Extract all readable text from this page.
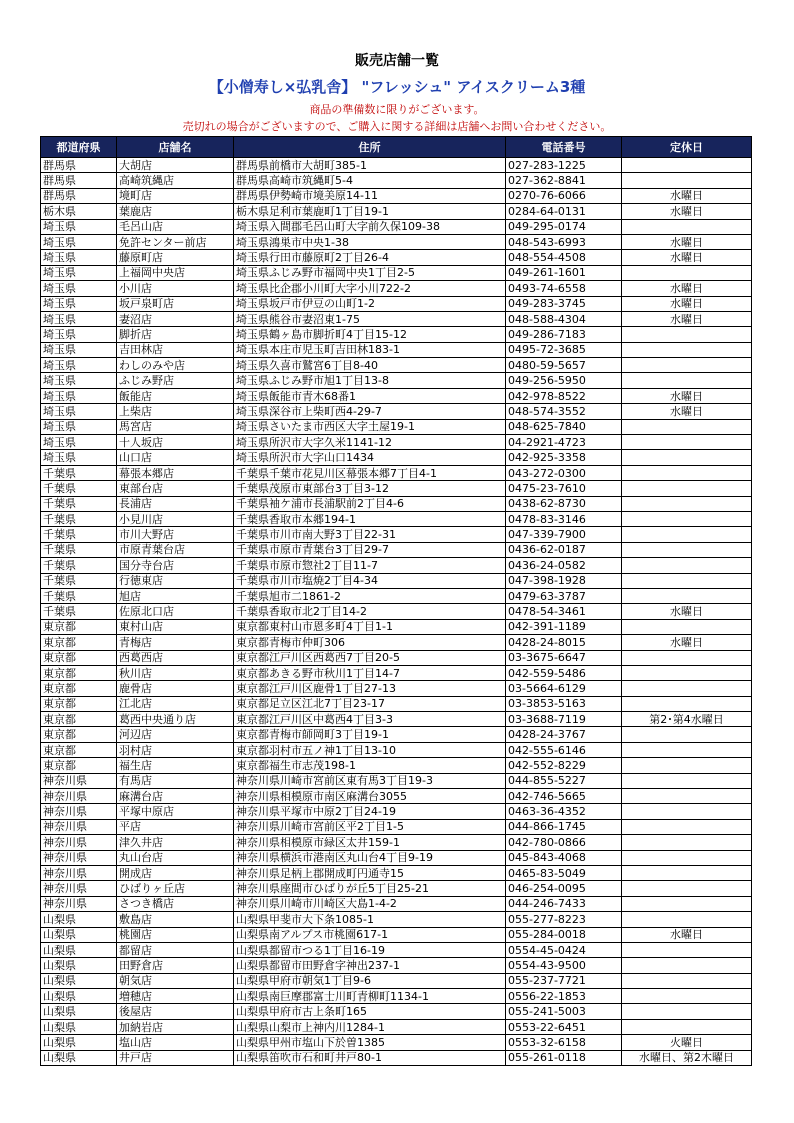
販売店舗一覧
【小僧寿し×弘乳舎】 "フレッシュ" アイスクリーム3種
商品の準備数に限りがございます。
売切れの場合がございますので、ご購入に関する詳細は店舗へお問い合わせください。
都道府県	店舗名	住所	電話番号	定休日
群馬県	大胡店	群馬県前橋市大胡町385-1	027-283-1225	
群馬県	高崎筑縄店	群馬県高崎市筑縄町5-4	027-362-8841	
群馬県	境町店	群馬県伊勢崎市境美原14-11	0270-76-6066	水曜日
栃木県	葉鹿店	栃木県足利市葉鹿町1丁目19-1	0284-64-0131	水曜日
埼玉県	毛呂山店	埼玉県入間郡毛呂山町大字前久保109-38	049-295-0174	
埼玉県	免許センター前店	埼玉県鴻巣市中央1-38	048-543-6993	水曜日
埼玉県	藤原町店	埼玉県行田市藤原町2丁目26-4	048-554-4508	水曜日
埼玉県	上福岡中央店	埼玉県ふじみ野市福岡中央1丁目2-5	049-261-1601	
埼玉県	小川店	埼玉県比企郡小川町大字小川722-2	0493-74-6558	水曜日
埼玉県	坂戸泉町店	埼玉県坂戸市伊豆の山町1-2	049-283-3745	水曜日
埼玉県	妻沼店	埼玉県熊谷市妻沼東1-75	048-588-4304	水曜日
埼玉県	脚折店	埼玉県鶴ヶ島市脚折町4丁目15-12	049-286-7183	
埼玉県	吉田林店	埼玉県本庄市児玉町吉田林183-1	0495-72-3685	
埼玉県	わしのみや店	埼玉県久喜市鷲宮6丁目8-40	0480-59-5657	
埼玉県	ふじみ野店	埼玉県ふじみ野市旭1丁目13-8	049-256-5950	
埼玉県	飯能店	埼玉県飯能市青木68番1	042-978-8522	水曜日
埼玉県	上柴店	埼玉県深谷市上柴町西4-29-7	048-574-3552	水曜日
埼玉県	馬宮店	埼玉県さいたま市西区大字土屋19-1	048-625-7840	
埼玉県	十人坂店	埼玉県所沢市大字久米1141-12	04-2921-4723	
埼玉県	山口店	埼玉県所沢市大字山口1434	042-925-3358	
千葉県	幕張本郷店	千葉県千葉市花見川区幕張本郷7丁目4-1	043-272-0300	
千葉県	東部台店	千葉県茂原市東部台3丁目3-12	0475-23-7610	
千葉県	長浦店	千葉県袖ケ浦市長浦駅前2丁目4-6	0438-62-8730	
千葉県	小見川店	千葉県香取市本郷194-1	0478-83-3146	
千葉県	市川大野店	千葉県市川市南大野3丁目22-31	047-339-7900	
千葉県	市原青葉台店	千葉県市原市青葉台3丁目29-7	0436-62-0187	
千葉県	国分寺台店	千葉県市原市惣社2丁目11-7	0436-24-0582	
千葉県	行徳東店	千葉県市川市塩焼2丁目4-34	047-398-1928	
千葉県	旭店	千葉県旭市二1861-2	0479-63-3787	
千葉県	佐原北口店	千葉県香取市北2丁目14-2	0478-54-3461	水曜日
東京都	東村山店	東京都東村山市恩多町4丁目1-1	042-391-1189	
東京都	青梅店	東京都青梅市仲町306	0428-24-8015	水曜日
東京都	西葛西店	東京都江戸川区西葛西7丁目20-5	03-3675-6647	
東京都	秋川店	東京都あきる野市秋川1丁目14-7	042-559-5486	
東京都	鹿骨店	東京都江戸川区鹿骨1丁目27-13	03-5664-6129	
東京都	江北店	東京都足立区江北7丁目23-17	03-3853-5163	
東京都	葛西中央通り店	東京都江戸川区中葛西4丁目3-3	03-3688-7119	第2･第4水曜日
東京都	河辺店	東京都青梅市師岡町3丁目19-1	0428-24-3767	
東京都	羽村店	東京都羽村市五ノ神1丁目13-10	042-555-6146	
東京都	福生店	東京都福生市志茂198-1	042-552-8229	
神奈川県	有馬店	神奈川県川崎市宮前区東有馬3丁目19-3	044-855-5227	
神奈川県	麻溝台店	神奈川県相模原市南区麻溝台3055	042-746-5665	
神奈川県	平塚中原店	神奈川県平塚市中原2丁目24-19	0463-36-4352	
神奈川県	平店	神奈川県川崎市宮前区平2丁目1-5	044-866-1745	
神奈川県	津久井店	神奈川県相模原市緑区太井159-1	042-780-0866	
神奈川県	丸山台店	神奈川県横浜市港南区丸山台4丁目9-19	045-843-4068	
神奈川県	開成店	神奈川県足柄上郡開成町円通寺15	0465-83-5049	
神奈川県	ひばりヶ丘店	神奈川県座間市ひばりが丘5丁目25-21	046-254-0095	
神奈川県	さつき橋店	神奈川県川崎市川崎区大島1-4-2	044-246-7433	
山梨県	敷島店	山梨県甲斐市大下条1085-1	055-277-8223	
山梨県	桃園店	山梨県南アルプス市桃園617-1	055-284-0018	水曜日
山梨県	都留店	山梨県都留市つる1丁目16-19	0554-45-0424	
山梨県	田野倉店	山梨県都留市田野倉字神出237-1	0554-43-9500	
山梨県	朝気店	山梨県甲府市朝気1丁目9-6	055-237-7721	
山梨県	増穂店	山梨県南巨摩郡富士川町青柳町1134-1	0556-22-1853	
山梨県	後屋店	山梨県甲府市古上条町165	055-241-5003	
山梨県	加納岩店	山梨県山梨市上神内川1284-1	0553-22-6451	
山梨県	塩山店	山梨県甲州市塩山下於曽1385	0553-32-6158	火曜日
山梨県	井戸店	山梨県笛吹市石和町井戸80-1	055-261-0118	水曜日、第2木曜日
